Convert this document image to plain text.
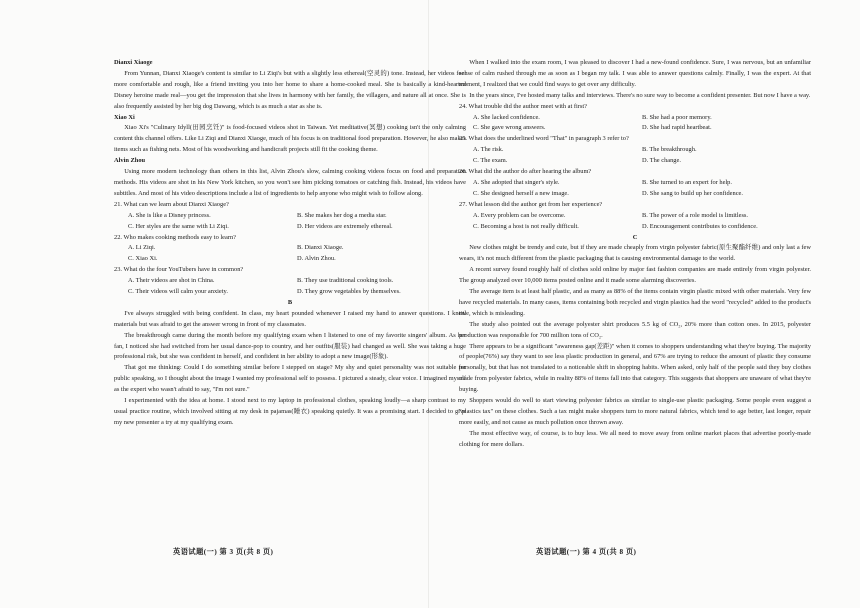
Dianxi Xiaoge

From Yunnan, Dianxi Xiaoge's content is similar to Li Ziqi's but with a slightly less ethereal(空灵的) tone. Instead, her videos feel more comfortable and rough, like a friend inviting you into her home to share a home-cooked meal. She is basically a kind-hearted Disney heroine made real—you get the impression that she lives in harmony with her family, the villagers, and nature all at once. She is also frequently assisted by her big dog Dawang, which is as much a star as she is.

Xiao Xi

Xiao Xi's "Culinary Idyll(田园烹饪)" is food-focused videos shot in Taiwan. Yet meditative(冥想) cooking isn't the only calming content this channel offers. Like Li Ziqi and Dianxi Xiaoge, much of his focus is on traditional food preparation. However, he also makes items such as fishing nets. Most of his woodworking and handicraft projects still fit the cooking theme.

Alvin Zhou

Using more modern technology than others in this list, Alvin Zhou's slow, calming cooking videos focus on food and preparation methods. His videos are shot in his New York kitchen, so you won't see him picking tomatoes or catching fish. Instead, his videos have subtitles. And most of his video descriptions include a list of ingredients to help anyone who might wish to follow along.

21. What can we learn about Dianxi Xiaoge?

A. She is like a Disney princess.	B. She makes her dog a media star.
C. Her styles are the same with Li Ziqi.	D. Her videos are extremely ethereal.

22. Who makes cooking methods easy to learn?

A. Li Ziqi.	B. Dianxi Xiaoge.
C. Xiao Xi.	D. Alvin Zhou.

23. What do the four YouTubers have in common?

A. Their videos are shot in China.	B. They use traditional cooking tools.
C. Their videos will calm your anxiety.	D. They grow vegetables by themselves.

B

I've always struggled with being confident. In class, my heart pounded whenever I raised my hand to answer questions. I knew materials but was afraid to get the answer wrong in front of my classmates.

The breakthrough came during the month before my qualifying exam when I listened to one of my favorite singers' album. As her fan, I noticed she had switched from her usual dance-pop to country, and her outfits(服装) had changed as well. She was taking a huge professional risk, but she was confident in herself, and confident in her ability to adopt a new image(形象).

That got me thinking: Could I do something similar before I stepped on stage? My shy and quiet personality was not suitable for public speaking, so I thought about the image I wanted my professional self to possess. I pictured a steady, clear voice. I imagined myself as the expert who wasn't afraid to say, "I'm not sure."

I experimented with the idea at home. I stood next to my laptop in professional clothes, speaking loudly—a sharp contrast to my usual practice routine, which involved sitting at my desk in pajamas(睡衣) speaking quietly. It was a promising start. I decided to give my new presenter a try at my qualifying exam.

When I walked into the exam room, I was pleased to discover I had a new-found confidence. Sure, I was nervous, but an unfamiliar sense of calm rushed through me as soon as I began my talk. I was able to answer questions calmly. Finally, I was the expert. At that moment, I realized that we could find ways to get over any difficulty.

In the years since, I've hosted many talks and interviews. There's no sure way to become a confident presenter. But now I have a way.

24. What trouble did the author meet with at first?

A. She lacked confidence.	B. She had a poor memory.
C. She gave wrong answers.	D. She had rapid heartbeat.

25. What does the underlined word "That" in paragraph 3 refer to?

A. The risk.	B. The breakthrough.
C. The exam.	D. The change.

26. What did the author do after hearing the album?

A. She adopted that singer's style.	B. She turned to an expert for help.
C. She designed herself a new image.	D. She sang to build up her confidence.

27. What lesson did the author get from her experience?

A. Every problem can be overcome.	B. The power of a role model is limitless.
C. Becoming a host is not really difficult.	D. Encouragement contributes to confidence.

C

New clothes might be trendy and cute, but if they are made cheaply from virgin polyester fabric(原生聚酯纤维) and only last a few wears, it's not much different from the plastic packaging that is causing environmental damage to the world.

A recent survey found roughly half of clothes sold online by major fast fashion companies are made entirely from virgin polyester. The group analyzed over 10,000 items posted online and it made some alarming discoveries.

The average item is at least half plastic, and as many as 88% of the items contain virgin plastic mixed with other materials. Very few have recycled materials. In many cases, items containing both recycled and virgin plastics had the word "recycled" added to the product's title, which is misleading.

The study also pointed out the average polyester shirt produces 5.5 kg of CO₂, 20% more than cotton ones. In 2015, polyester production was responsible for 700 million tons of CO₂.

There appears to be a significant "awareness gap(差距)" when it comes to shoppers understanding what they're buying. The majority of people(76%) say they want to see less plastic production in general, and 67% are trying to reduce the amount of plastic they consume personally, but that has not translated to a noticeable shift in shopping habits. When asked, only half of the people said they buy clothes made from polyester fabrics, while in reality 88% of items fall into that category. This suggests that shoppers are unaware of what they're buying.

Shoppers would do well to start viewing polyester fabrics as similar to single-use plastic packaging. Some people even suggest a "plastics tax" on these clothes. Such a tax might make shoppers turn to more natural fabrics, which tend to age better, last longer, repair more easily, and not cause as much pollution once thrown away.

The most effective way, of course, is to buy less. We all need to move away from online market places that advertise poorly-made clothing for mere dollars.

英语试题(一) 第 3 页(共 8 页)	英语试题(一) 第 4 页(共 8 页)
